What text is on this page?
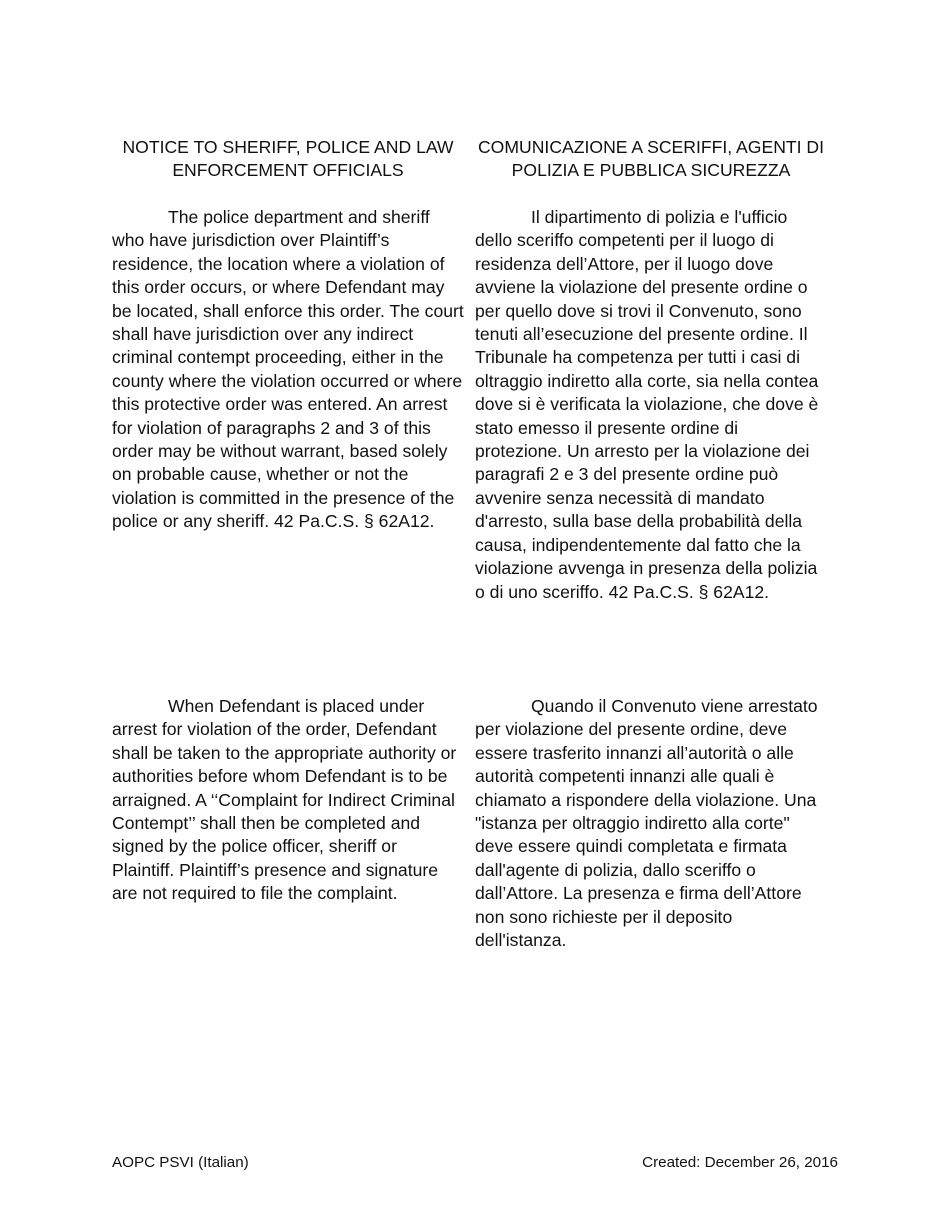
NOTICE TO SHERIFF, POLICE AND LAW ENFORCEMENT OFFICIALS
COMUNICAZIONE A SCERIFFI, AGENTI DI POLIZIA E PUBBLICA SICUREZZA

The police department and sheriff who have jurisdiction over Plaintiff’s residence, the location where a violation of this order occurs, or where Defendant may be located, shall enforce this order. The court shall have jurisdiction over any indirect criminal contempt proceeding, either in the county where the violation occurred or where this protective order was entered. An arrest for violation of paragraphs 2 and 3 of this order may be without warrant, based solely on probable cause, whether or not the violation is committed in the presence of the police or any sheriff. 42 Pa.C.S. § 62A12.

Il dipartimento di polizia e l'ufficio dello sceriffo competenti per il luogo di residenza dell’Attore, per il luogo dove avviene la violazione del presente ordine o per quello dove si trovi il Convenuto, sono tenuti all’esecuzione del presente ordine. Il Tribunale ha competenza per tutti i casi di oltraggio indiretto alla corte, sia nella contea dove si è verificata la violazione, che dove è stato emesso il presente ordine di protezione. Un arresto per la violazione dei paragrafi 2 e 3 del presente ordine può avvenire senza necessità di mandato d'arresto, sulla base della probabilità della causa, indipendentemente dal fatto che la violazione avvenga in presenza della polizia o di uno sceriffo. 42 Pa.C.S. § 62A12.

When Defendant is placed under arrest for violation of the order, Defendant shall be taken to the appropriate authority or authorities before whom Defendant is to be arraigned. A ‘‘Complaint for Indirect Criminal Contempt’’ shall then be completed and signed by the police officer, sheriff or Plaintiff. Plaintiff’s presence and signature are not required to file the complaint.

Quando il Convenuto viene arrestato per violazione del presente ordine, deve essere trasferito innanzi all’autorità o alle autorità competenti innanzi alle quali è chiamato a rispondere della violazione. Una "istanza per oltraggio indiretto alla corte" deve essere quindi completata e firmata dall'agente di polizia, dallo sceriffo o dall’Attore. La presenza e firma dell’Attore non sono richieste per il deposito dell'istanza.

AOPC PSVI (Italian)	Created: December 26, 2016
